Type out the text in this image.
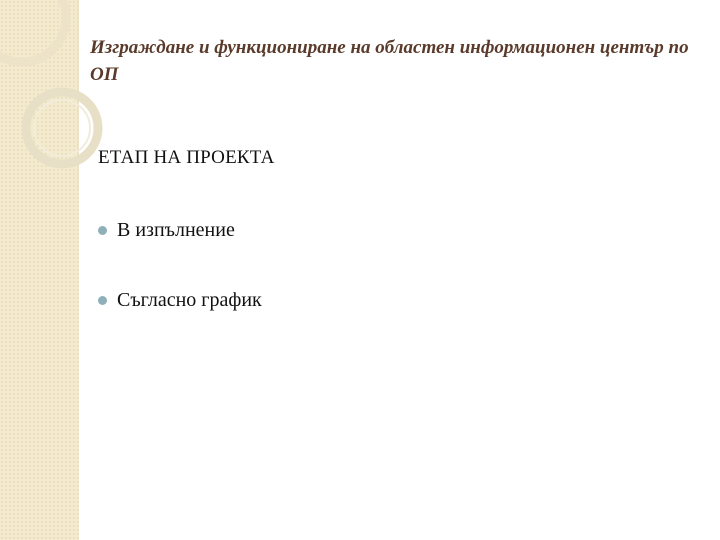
Изграждане и функциониране на областен информационен център по ОП
ЕТАП НА ПРОЕКТА
В изпълнение
Съгласно график
